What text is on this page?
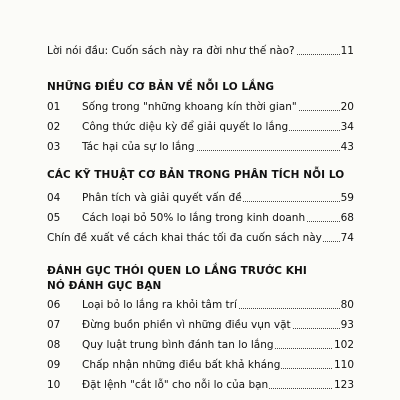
Lời nói đầu: Cuốn sách này ra đời như thế nào?	11
NHỮNG ĐIỀU CƠ BẢN VỀ NỖI LO LẮNG
01	Sống trong "những khoang kín thời gian"	20
02	Công thức diệu kỳ để giải quyết lo lắng	34
03	Tác hại của sự lo lắng	43
CÁC KỸ THUẬT CƠ BẢN TRONG PHÂN TÍCH NỖI LO
04	Phân tích và giải quyết vấn đề	59
05	Cách loại bỏ 50% lo lắng trong kinh doanh	68
Chín đề xuất về cách khai thác tối đa cuốn sách này 74
ĐÁNH GỤC THÓI QUEN LO LẮNG TRƯỚC KHI
NÓ ĐÁNH GỤC BẠN
06	Loại bỏ lo lắng ra khỏi tâm trí	80
07	Đừng buồn phiền vì những điều vụn vặt	93
08	Quy luật trung bình đánh tan lo lắng	102
09	Chấp nhận những điều bất khả kháng	110
10	Đặt lệnh "cắt lỗ" cho nỗi lo của bạn	123
